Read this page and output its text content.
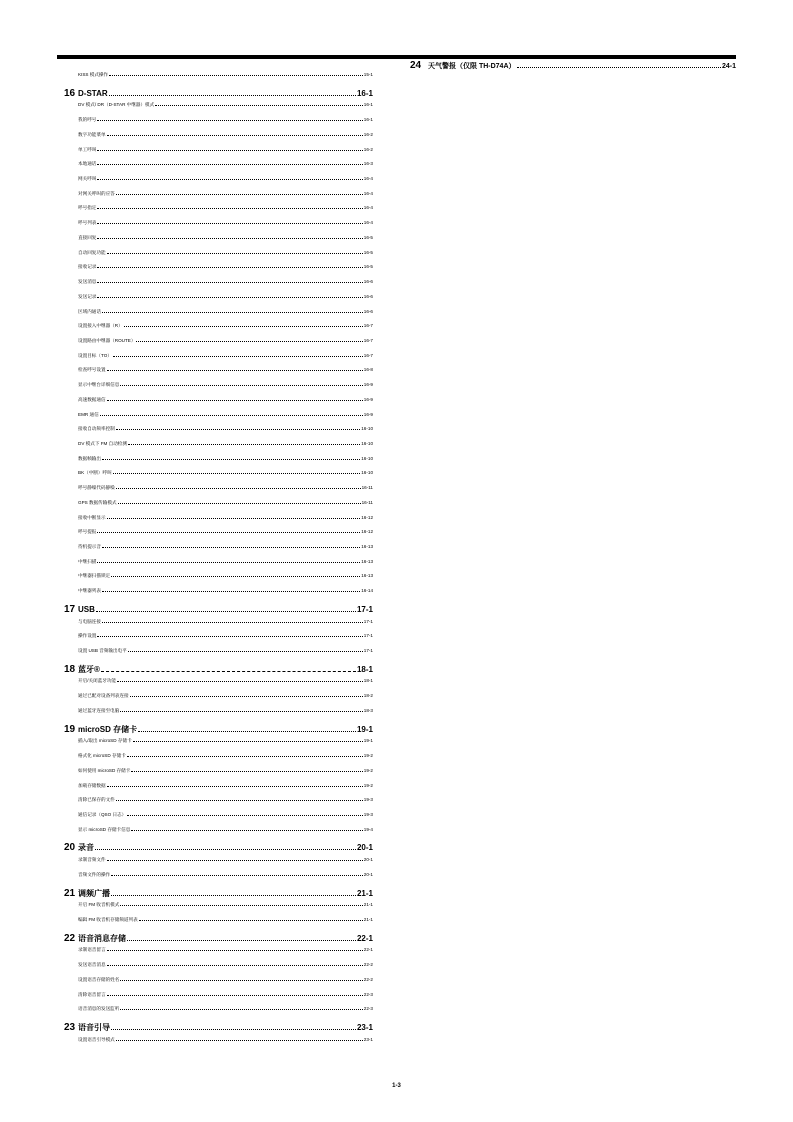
24 天气警报（仅限 TH-D74A）	24-1
KISS 模式操作	15-1
16 D-STAR	16-1
DV 模式/ DR（D-STAR 中继器）模式	16-1
我的呼号	16-1
数字功能菜单	16-2
单工呼叫	16-2
本地通话	16-3
网关呼叫	16-4
对网关呼叫的应答	16-4
呼号指定	16-4
呼号列表	16-4
直接回复	16-5
自动回复功能	16-5
接收记录	16-5
发送消息	16-6
发送记录	16-6
区域内通话	16-6
设置接入中继器（R）	16-7
设置路由中继器（ROUTE）	16-7
设置目标（TO）	16-7
检查呼号设置	16-8
显示中继台详细信息	16-9
高速数据通信	16-9
EMR 通信	16-9
接收自动频率控制	16-10
DV 模式下 FM 自动检测	16-10
数据帧输出	16-10
BK（中断）呼叫	16-10
呼号静噪代码静噪	16-11
GPS 数据传输模式	16-11
接收中断显示	16-12
呼号提报	16-12
待机提示音	16-13
中继扫描	16-13
中继器扫描锁定	16-13
中继器列表	16-14
17 USB	17-1
与电脑连接	17-1
操作设置	17-1
设置 USB 音频输出电平	17-1
18 蓝牙®	18-1
开启/关闭蓝牙功能	18-1
通过已配对设备列表连接	18-2
通过蓝牙连接至电脑	18-3
19 microSD 存储卡	19-1
插入/取出 microSD 存储卡	19-1
格式化 microSD 存储卡	19-2
如何使用 microSD 存储卡	19-2
加载存储数据	19-2
清除已保存的文件	19-3
通信记录（QSO 日志）	19-3
显示 microSD 存储卡信息	19-4
20 录音	20-1
录制音频文件	20-1
音频文件的操作	20-1
21 调频广播	21-1
开启 FM 收音机模式	21-1
编辑 FM 收音机存储频道列表	21-1
22 语音消息存储	22-1
录制语音留言	22-1
发送语音消息	22-2
设置语音存储的姓名	22-2
清除语音留言	22-3
语音消息的发送监听	22-3
23 语音引导	23-1
设置语音引导模式	23-1
1-3
